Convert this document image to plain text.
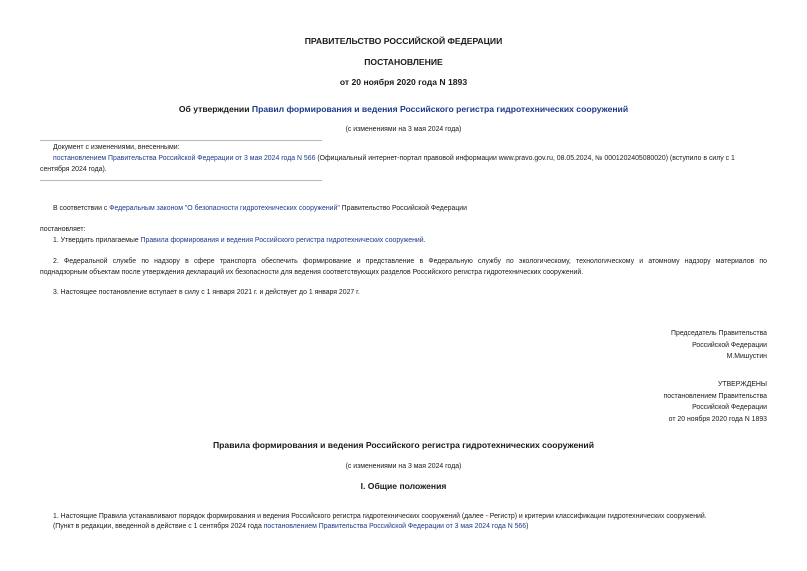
ПРАВИТЕЛЬСТВО РОССИЙСКОЙ ФЕДЕРАЦИИ
ПОСТАНОВЛЕНИЕ
от 20 ноября 2020 года N 1893
Об утверждении Правил формирования и ведения Российского регистра гидротехнических сооружений
(с изменениями на 3 мая 2024 года)
Документ с изменениями, внесенными:
постановлением Правительства Российской Федерации от 3 мая 2024 года N 566 (Официальный интернет-портал правовой информации www.pravo.gov.ru, 08.05.2024, № 0001202405080020) (вступило в силу с 1
сентября 2024 года).
В соответствии с Федеральным законом "О безопасности гидротехнических сооружений" Правительство Российской Федерации
постановляет:
1. Утвердить прилагаемые Правила формирования и ведения Российского регистра гидротехнических сооружений.
2. Федеральной службе по надзору в сфере транспорта обеспечить формирование и представление в Федеральную службу по экологическому, технологическому и атомному надзору материалов по
поднадзорным объектам после утверждения деклараций их безопасности для ведения соответствующих разделов Российского регистра гидротехнических сооружений.
3. Настоящее постановление вступает в силу с 1 января 2021 г. и действует до 1 января 2027 г.
Председатель Правительства
Российской Федерации
М.Мишустин
УТВЕРЖДЕНЫ
постановлением Правительства
Российской Федерации
от 20 ноября 2020 года N 1893
Правила формирования и ведения Российского регистра гидротехнических сооружений
(с изменениями на 3 мая 2024 года)
I. Общие положения
1. Настоящие Правила устанавливают порядок формирования и ведения Российского регистра гидротехнических сооружений (далее - Регистр) и критерии классификации гидротехнических сооружений.
(Пункт в редакции, введенной в действие с 1 сентября 2024 года постановлением Правительства Российской Федерации от 3 мая 2024 года N 566)
